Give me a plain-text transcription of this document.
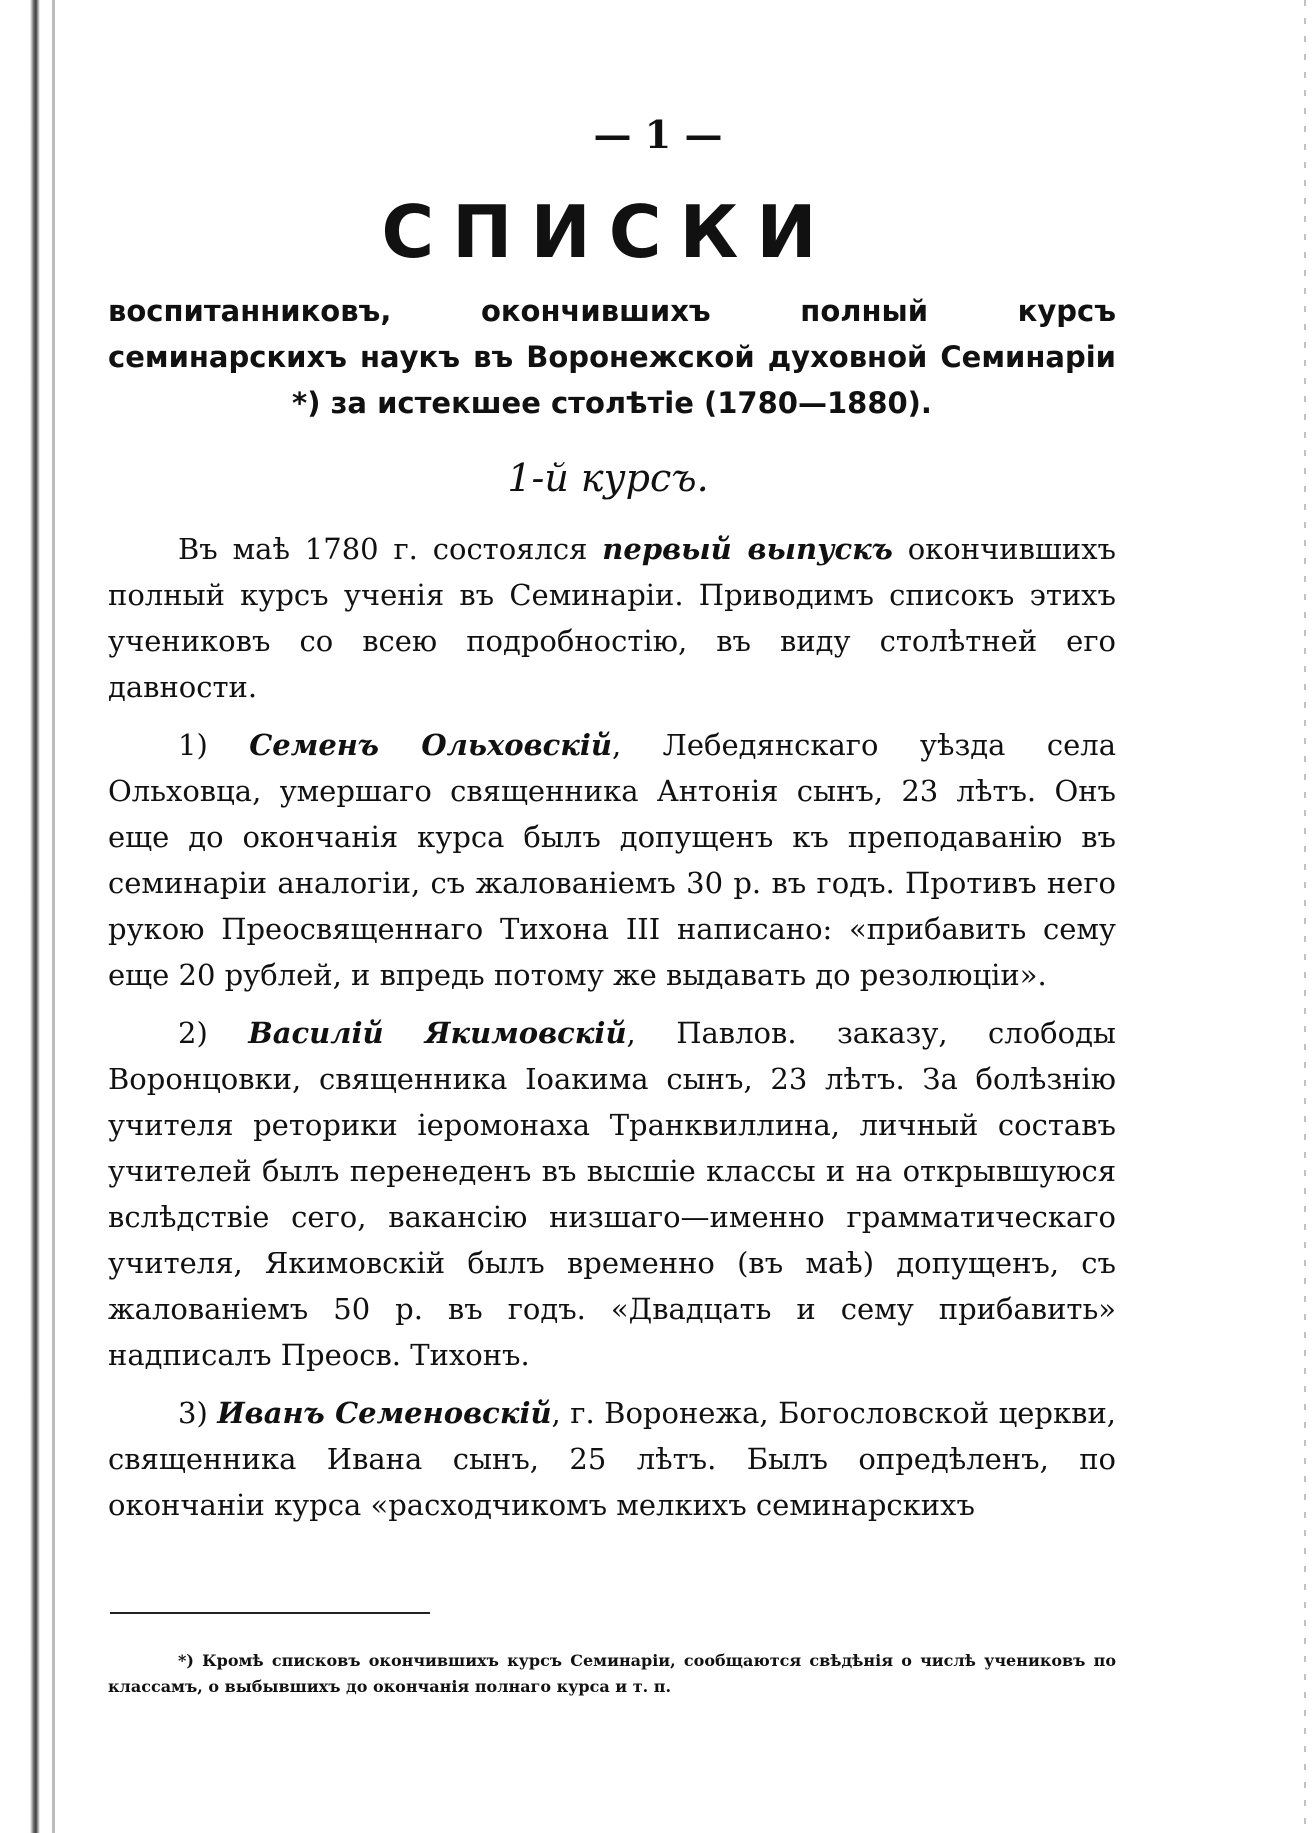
— 1 —
СПИСКИ
воспитанниковъ, окончившихъ полный курсъ семинарскихъ наукъ въ Воронежской духовной Семинаріи *) за истекшее столѣтіе (1780—1880).
1-й курсъ.

Въ маѣ 1780 г. состоялся первый выпускъ окончившихъ полный курсъ ученія въ Семинаріи. Приводимъ списокъ этихъ учениковъ со всею подробностію, въ виду столѣтней его давности.

1) Семенъ Ольховскій, Лебедянскаго уѣзда села Ольховца, умершаго священника Антонія сынъ, 23 лѣтъ. Онъ еще до окончанія курса былъ допущенъ къ преподаванію въ семинаріи аналогіи, съ жалованіемъ 30 р. въ годъ. Противъ него рукою Преосвященнаго Тихона III написано: «прибавить сему еще 20 рублей, и впредь потому же выдавать до резолюціи».

2) Василій Якимовскій, Павлов. заказу, слободы Воронцовки, священника Іоакима сынъ, 23 лѣтъ. За болѣзнію учителя реторики іеромонаха Транквиллина, личный составъ учителей былъ перенеденъ въ высшіе классы и на открывшуюся вслѣдствіе сего, вакансію низшаго—именно грамматическаго учителя, Якимовскій былъ временно (въ маѣ) допущенъ, съ жалованіемъ 50 р. въ годъ. «Двадцать и сему прибавить» надписалъ Преосв. Тихонъ.

3) Иванъ Семеновскій, г. Воронежа, Богословской церкви, священника Ивана сынъ, 25 лѣтъ. Былъ опредѣленъ, по окончаніи курса «расходчикомъ мелкихъ семинарскихъ

*) Кромѣ списковъ окончившихъ курсъ Семинаріи, сообщаются свѣдѣнія о числѣ учениковъ по классамъ, о выбывшихъ до окончанія полнаго курса и т. п.
